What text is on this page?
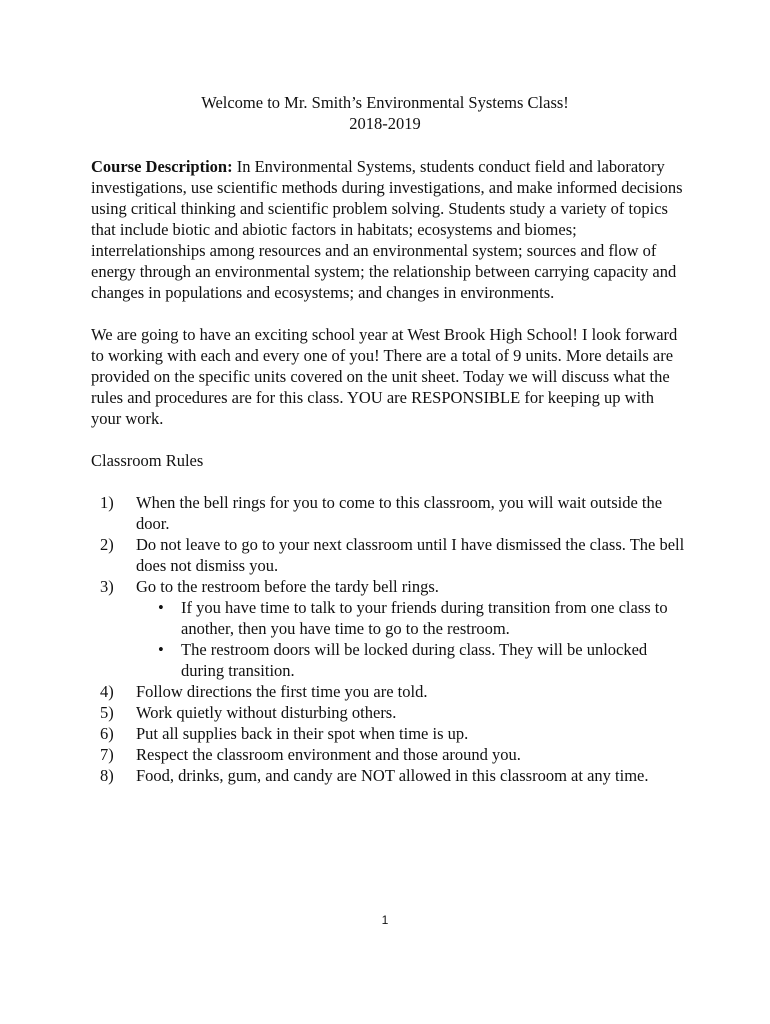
Welcome to Mr. Smith’s Environmental Systems Class!
2018-2019

Course Description: In Environmental Systems, students conduct field and laboratory investigations, use scientific methods during investigations, and make informed decisions using critical thinking and scientific problem solving. Students study a variety of topics that include biotic and abiotic factors in habitats; ecosystems and biomes; interrelationships among resources and an environmental system; sources and flow of energy through an environmental system; the relationship between carrying capacity and changes in populations and ecosystems; and changes in environments.

We are going to have an exciting school year at West Brook High School! I look forward to working with each and every one of you! There are a total of 9 units. More details are provided on the specific units covered on the unit sheet. Today we will discuss what the rules and procedures are for this class. YOU are RESPONSIBLE for keeping up with your work.

Classroom Rules

1) When the bell rings for you to come to this classroom, you will wait outside the door.
2) Do not leave to go to your next classroom until I have dismissed the class. The bell does not dismiss you.
3) Go to the restroom before the tardy bell rings.
• If you have time to talk to your friends during transition from one class to another, then you have time to go to the restroom.
• The restroom doors will be locked during class. They will be unlocked during transition.
4) Follow directions the first time you are told.
5) Work quietly without disturbing others.
6) Put all supplies back in their spot when time is up.
7) Respect the classroom environment and those around you.
8) Food, drinks, gum, and candy are NOT allowed in this classroom at any time.
1
